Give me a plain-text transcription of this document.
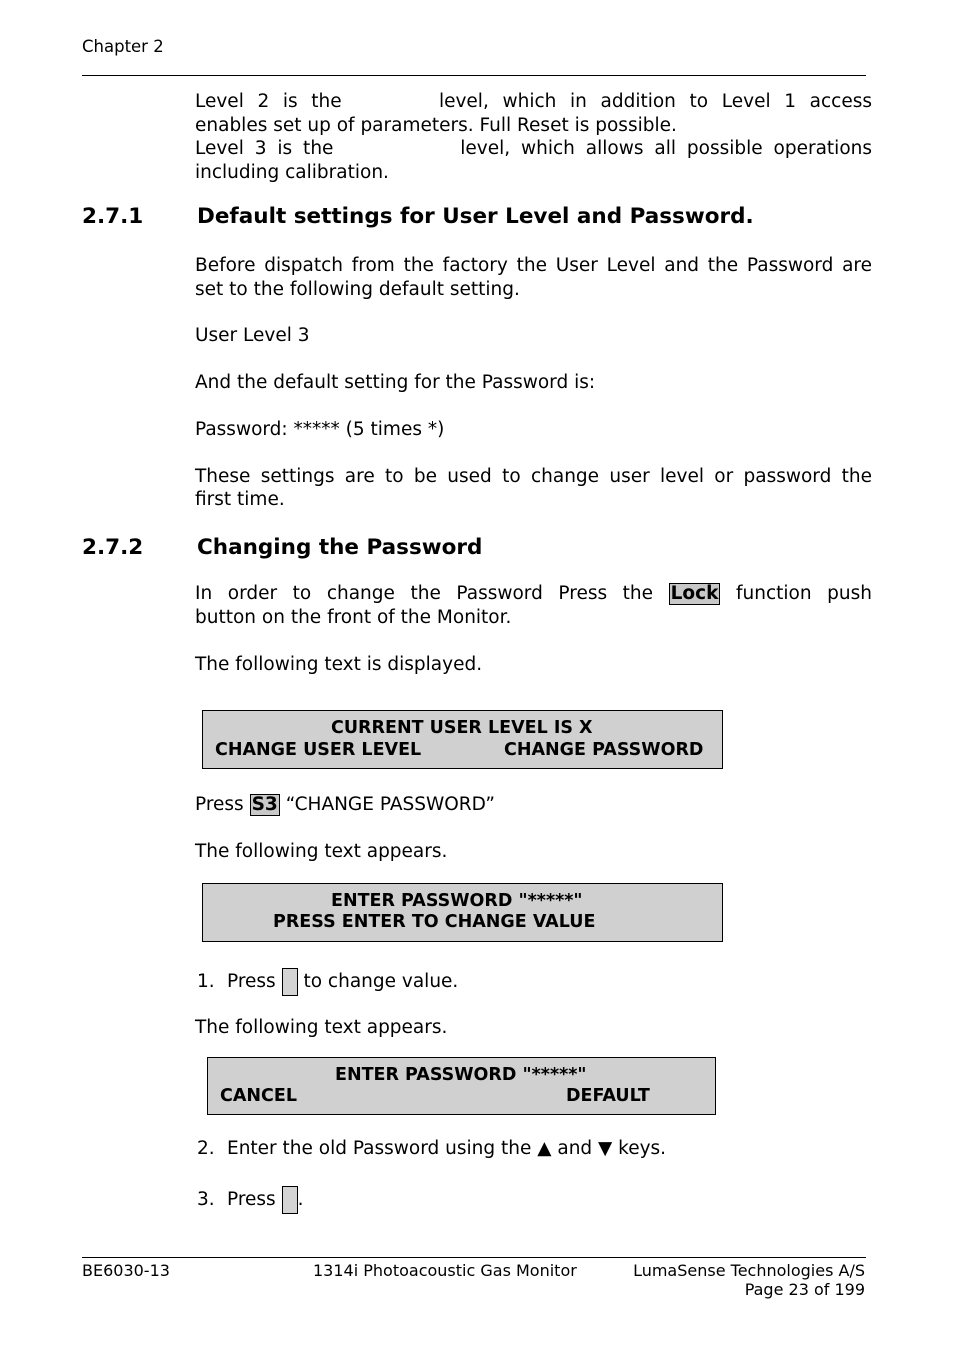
Chapter 2
Level 2 is the	level, which in addition to Level 1 access
enables set up of parameters. Full Reset is possible.
Level 3 is the	level, which allows all possible operations
including calibration.
2.7.1	Default settings for User Level and Password.
Before dispatch from the factory the User Level and the Password are
set to the following default setting.
User Level 3
And the default setting for the Password is:
Password: ***** (5 times *)
These settings are to be used to change user level or password the
first time.
2.7.2	Changing the Password
In order to change the Password Press the Lock function push
button on the front of the Monitor.
The following text is displayed.
CURRENT USER LEVEL IS X
CHANGE USER LEVEL	CHANGE PASSWORD
Press S3 “CHANGE PASSWORD”
The following text appears.
ENTER PASSWORD "*****"
PRESS ENTER TO CHANGE VALUE
1. Press to change value.
The following text appears.
ENTER PASSWORD "*****"
CANCEL	DEFAULT
2. Enter the old Password using the ▲ and ▼ keys.
3. Press .
BE6030-13	1314i Photoacoustic Gas Monitor	LumaSense Technologies A/S
Page 23 of 199
